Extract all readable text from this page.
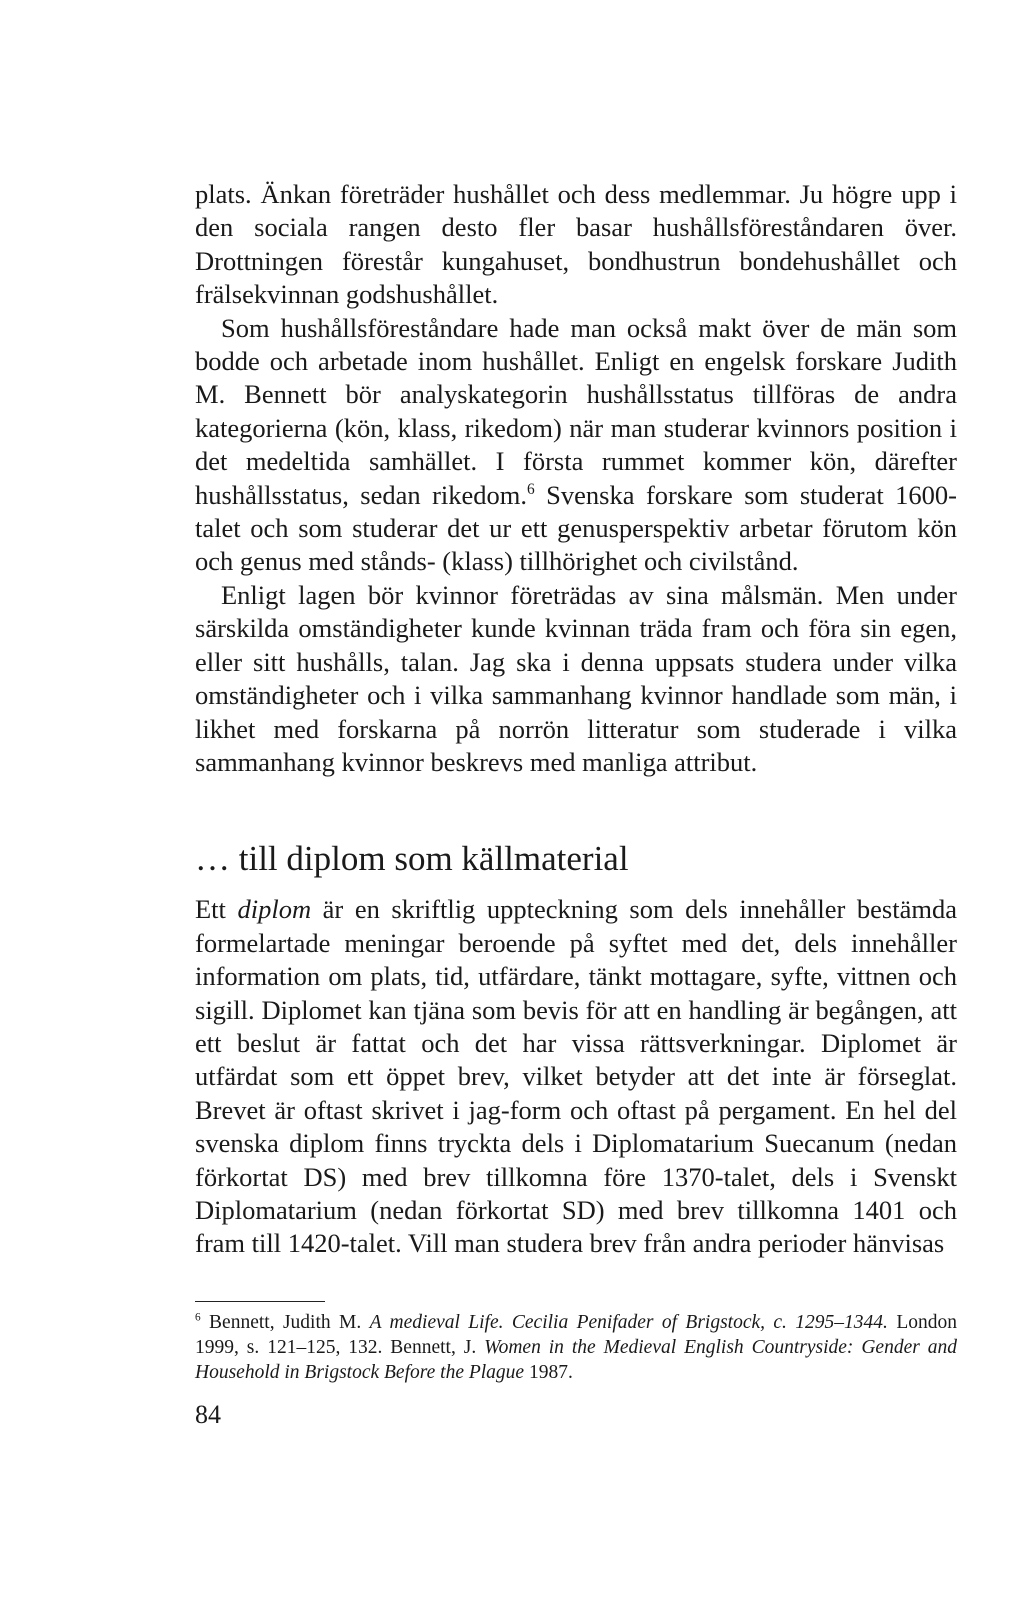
plats. Änkan företräder hushållet och dess medlemmar. Ju högre upp i den sociala rangen desto fler basar hushållsföreståndaren över. Drottningen förestår kungahuset, bondhustrun bondehushållet och frälsekvinnan godshushållet.

Som hushållsföreståndare hade man också makt över de män som bodde och arbetade inom hushållet. Enligt en engelsk forskare Judith M. Bennett bör analyskategorin hushållsstatus tillföras de andra kategorierna (kön, klass, rikedom) när man studerar kvinnors position i det medeltida samhället. I första rummet kommer kön, därefter hushållsstatus, sedan rikedom.$^6$ Svenska forskare som studerat 1600-talet och som studerar det ur ett genusperspektiv arbetar förutom kön och genus med stånds- (klass) tillhörighet och civilstånd.

Enligt lagen bör kvinnor företrädas av sina målsmän. Men under särskilda omständigheter kunde kvinnan träda fram och föra sin egen, eller sitt hushålls, talan. Jag ska i denna uppsats studera under vilka omständigheter och i vilka sammanhang kvinnor handlade som män, i likhet med forskarna på norrön litteratur som studerade i vilka sammanhang kvinnor beskrevs med manliga attribut.

… till diplom som källmaterial

Ett diplom är en skriftlig uppteckning som dels innehåller bestämda formelartade meningar beroende på syftet med det, dels innehåller information om plats, tid, utfärdare, tänkt mottagare, syfte, vittnen och sigill. Diplomet kan tjäna som bevis för att en handling är begången, att ett beslut är fattat och det har vissa rättsverkningar. Diplomet är utfärdat som ett öppet brev, vilket betyder att det inte är förseglat. Brevet är oftast skrivet i jag-form och oftast på pergament. En hel del svenska diplom finns tryckta dels i Diplomatarium Suecanum (nedan förkortat DS) med brev tillkomna före 1370-talet, dels i Svenskt Diplomatarium (nedan förkortat SD) med brev tillkomna 1401 och fram till 1420-talet. Vill man studera brev från andra perioder hänvisas

$^6$ Bennett, Judith M. A medieval Life. Cecilia Penifader of Brigstock, c. 1295–1344. London 1999, s. 121–125, 132. Bennett, J. Women in the Medieval English Countryside: Gender and Household in Brigstock Before the Plague 1987.

84
